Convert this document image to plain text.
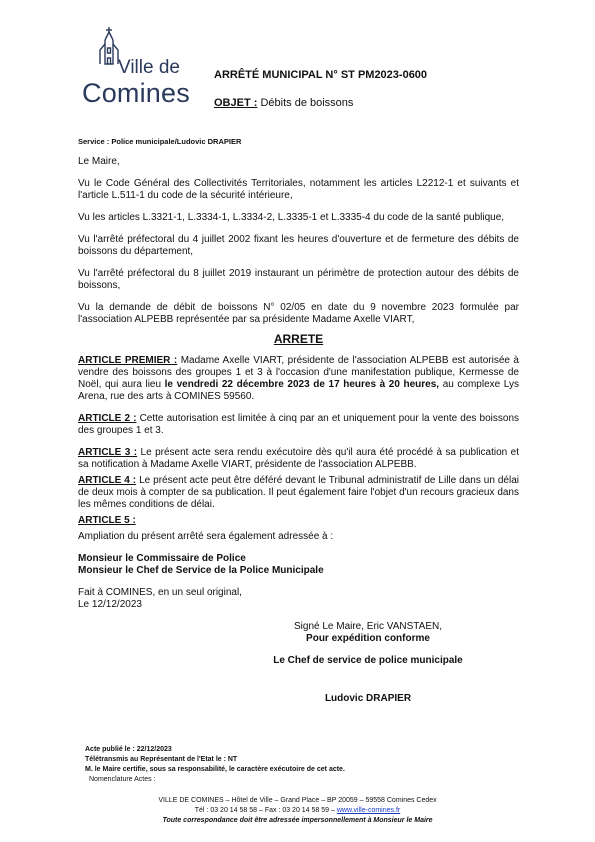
Ville de
Comines
ARRÊTÉ MUNICIPAL N° ST PM2023-0600
OBJET : Débits de boissons

Service : Police municipale/Ludovic DRAPIER

Le Maire,

Vu le Code Général des Collectivités Territoriales, notamment les articles L2212-1 et suivants et l'article L.511-1 du code de la sécurité intérieure,

Vu les articles L.3321-1, L.3334-1, L.3334-2, L.3335-1 et L.3335-4 du code de la santé publique,

Vu l'arrêté préfectoral du 4 juillet 2002 fixant les heures d'ouverture et de fermeture des débits de boissons du département,

Vu l'arrêté préfectoral du 8 juillet 2019 instaurant un périmètre de protection autour des débits de boissons,

Vu la demande de débit de boissons N° 02/05 en date du 9 novembre 2023 formulée par l'association ALPEBB représentée par sa présidente Madame Axelle VIART,

ARRETE

ARTICLE PREMIER : Madame Axelle VIART, présidente de l'association ALPEBB est autorisée à vendre des boissons des groupes 1 et 3 à l'occasion d'une manifestation publique, Kermesse de Noël, qui aura lieu le vendredi 22 décembre 2023 de 17 heures à 20 heures, au complexe Lys Arena, rue des arts à COMINES 59560.

ARTICLE 2 : Cette autorisation est limitée à cinq par an et uniquement pour la vente des boissons des groupes 1 et 3.

ARTICLE 3 : Le présent acte sera rendu exécutoire dès qu'il aura été procédé à sa publication et sa notification à Madame Axelle VIART, présidente de l'association ALPEBB.

ARTICLE 4 : Le présent acte peut être déféré devant le Tribunal administratif de Lille dans un délai de deux mois à compter de sa publication. Il peut également faire l'objet d'un recours gracieux dans les mêmes conditions de délai.

ARTICLE 5 :

Ampliation du présent arrêté sera également adressée à :

Monsieur le Commissaire de Police

Monsieur le Chef de Service de la Police Municipale

Fait à COMINES, en un seul original,

Le 12/12/2023

Signé Le Maire, Eric VANSTAEN,

Pour expédition conforme

Le Chef de service de police municipale

Ludovic DRAPIER

Acte publié le : 22/12/2023
Télétransmis au Représentant de l'Etat le : NT
M. le Maire certifie, sous sa responsabilité, le caractère exécutoire de cet acte.
Nomenclature Actes :
VILLE DE COMINES – Hôtel de Ville – Grand Place – BP 20059 – 59558 Comines Cedex
Tél : 03 20 14 58 58 – Fax : 03 20 14 58 59 – www.ville-comines.fr
Toute correspondance doit être adressée impersonnellement à Monsieur le Maire
